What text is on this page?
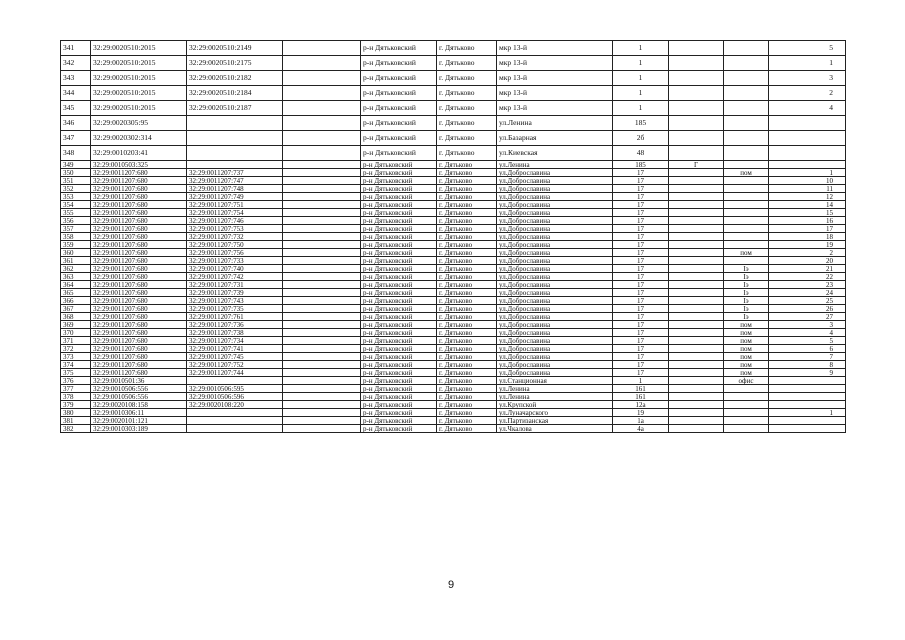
341	32:29:0020510:2015	32:29:0020510:2149		р-н Дятьковский	г. Дятьково	мкр 13-й	1			5
342	32:29:0020510:2015	32:29:0020510:2175		р-н Дятьковский	г. Дятьково	мкр 13-й	1			1
343	32:29:0020510:2015	32:29:0020510:2182		р-н Дятьковский	г. Дятьково	мкр 13-й	1			3
344	32:29:0020510:2015	32:29:0020510:2184		р-н Дятьковский	г. Дятьково	мкр 13-й	1			2
345	32:29:0020510:2015	32:29:0020510:2187		р-н Дятьковский	г. Дятьково	мкр 13-й	1			4
346	32:29:0020305:95			р-н Дятьковский	г. Дятьково	ул.Ленина	185			
347	32:29:0020302:314			р-н Дятьковский	г. Дятьково	ул.Базарная	2б			
348	32:29:0010203:41			р-н Дятьковский	г. Дятьково	ул.Киевская	48			
349	32:29:0010503:325			р-н Дятьковский	г. Дятьково	ул.Ленина	185	Г		
350	32:29:0011207:680	32:29:0011207:737		р-н Дятьковский	г. Дятьково	ул.Доброславина	17		пом	1
351	32:29:0011207:680	32:29:0011207:747		р-н Дятьковский	г. Дятьково	ул.Доброславина	17			10
352	32:29:0011207:680	32:29:0011207:748		р-н Дятьковский	г. Дятьково	ул.Доброславина	17			11
353	32:29:0011207:680	32:29:0011207:749		р-н Дятьковский	г. Дятьково	ул.Доброславина	17			12
354	32:29:0011207:680	32:29:0011207:751		р-н Дятьковский	г. Дятьково	ул.Доброславина	17			14
355	32:29:0011207:680	32:29:0011207:754		р-н Дятьковский	г. Дятьково	ул.Доброславина	17			15
356	32:29:0011207:680	32:29:0011207:746		р-н Дятьковский	г. Дятьково	ул.Доброславина	17			16
357	32:29:0011207:680	32:29:0011207:753		р-н Дятьковский	г. Дятьково	ул.Доброславина	17			17
358	32:29:0011207:680	32:29:0011207:732		р-н Дятьковский	г. Дятьково	ул.Доброславина	17			18
359	32:29:0011207:680	32:29:0011207:750		р-н Дятьковский	г. Дятьково	ул.Доброславина	17			19
360	32:29:0011207:680	32:29:0011207:756		р-н Дятьковский	г. Дятьково	ул.Доброславина	17		пом	2
361	32:29:0011207:680	32:29:0011207:733		р-н Дятьковский	г. Дятьково	ул.Доброславина	17			20
362	32:29:0011207:680	32:29:0011207:740		р-н Дятьковский	г. Дятьково	ул.Доброславина	17		Іэ	21
363	32:29:0011207:680	32:29:0011207:742		р-н Дятьковский	г. Дятьково	ул.Доброславина	17		Іэ	22
364	32:29:0011207:680	32:29:0011207:731		р-н Дятьковский	г. Дятьково	ул.Доброславина	17		Іэ	23
365	32:29:0011207:680	32:29:0011207:739		р-н Дятьковский	г. Дятьково	ул.Доброславина	17		Іэ	24
366	32:29:0011207:680	32:29:0011207:743		р-н Дятьковский	г. Дятьково	ул.Доброславина	17		Іэ	25
367	32:29:0011207:680	32:29:0011207:735		р-н Дятьковский	г. Дятьково	ул.Доброславина	17		Іэ	26
368	32:29:0011207:680	32:29:0011207:761		р-н Дятьковский	г. Дятьково	ул.Доброславина	17		Іэ	27
369	32:29:0011207:680	32:29:0011207:736		р-н Дятьковский	г. Дятьково	ул.Доброславина	17		пом	3
370	32:29:0011207:680	32:29:0011207:738		р-н Дятьковский	г. Дятьково	ул.Доброславина	17		пом	4
371	32:29:0011207:680	32:29:0011207:734		р-н Дятьковский	г. Дятьково	ул.Доброславина	17		пом	5
372	32:29:0011207:680	32:29:0011207:741		р-н Дятьковский	г. Дятьково	ул.Доброславина	17		пом	6
373	32:29:0011207:680	32:29:0011207:745		р-н Дятьковский	г. Дятьково	ул.Доброславина	17		пом	7
374	32:29:0011207:680	32:29:0011207:752		р-н Дятьковский	г. Дятьково	ул.Доброславина	17		пом	8
375	32:29:0011207:680	32:29:0011207:744		р-н Дятьковский	г. Дятьково	ул.Доброславина	17		пом	9
376	32:29:0010501:36			р-н Дятьковский	г. Дятьково	ул.Станционная	1		офис	
377	32:29:0010506:556	32:29:0010506:595		р-н Дятьковский	г. Дятьково	ул.Ленина	161			
378	32:29:0010506:556	32:29:0010506:596		р-н Дятьковский	г. Дятьково	ул.Ленина	161			
379	32:29:0020108:158	32:29:0020108:220		р-н Дятьковский	г. Дятьково	ул.Крупской	12а			
380	32:29:0010306:11			р-н Дятьковский	г. Дятьково	ул.Луначарского	19			1
381	32:29:0020101:121			р-н Дятьковский	г. Дятьково	ул.Партизанская	1а			
382	32:29:0010303:189			р-н Дятьковский	г. Дятьково	ул.Чкалова	4а			
9
